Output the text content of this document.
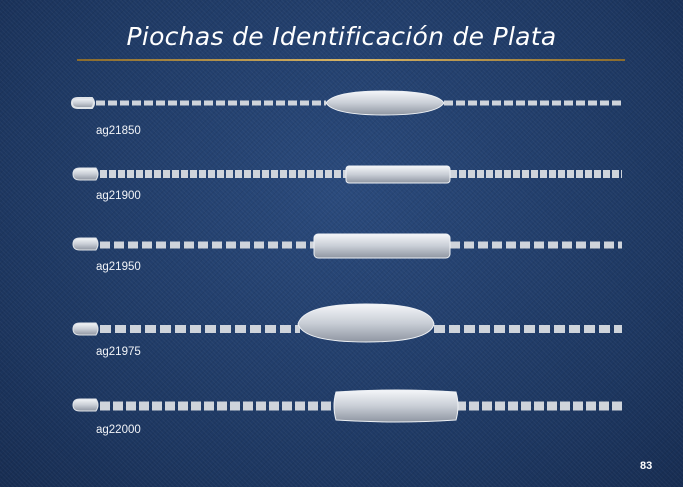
Piochas de Identificación de Plata
ag21850
ag21900
ag21950
ag21975
ag22000
83
